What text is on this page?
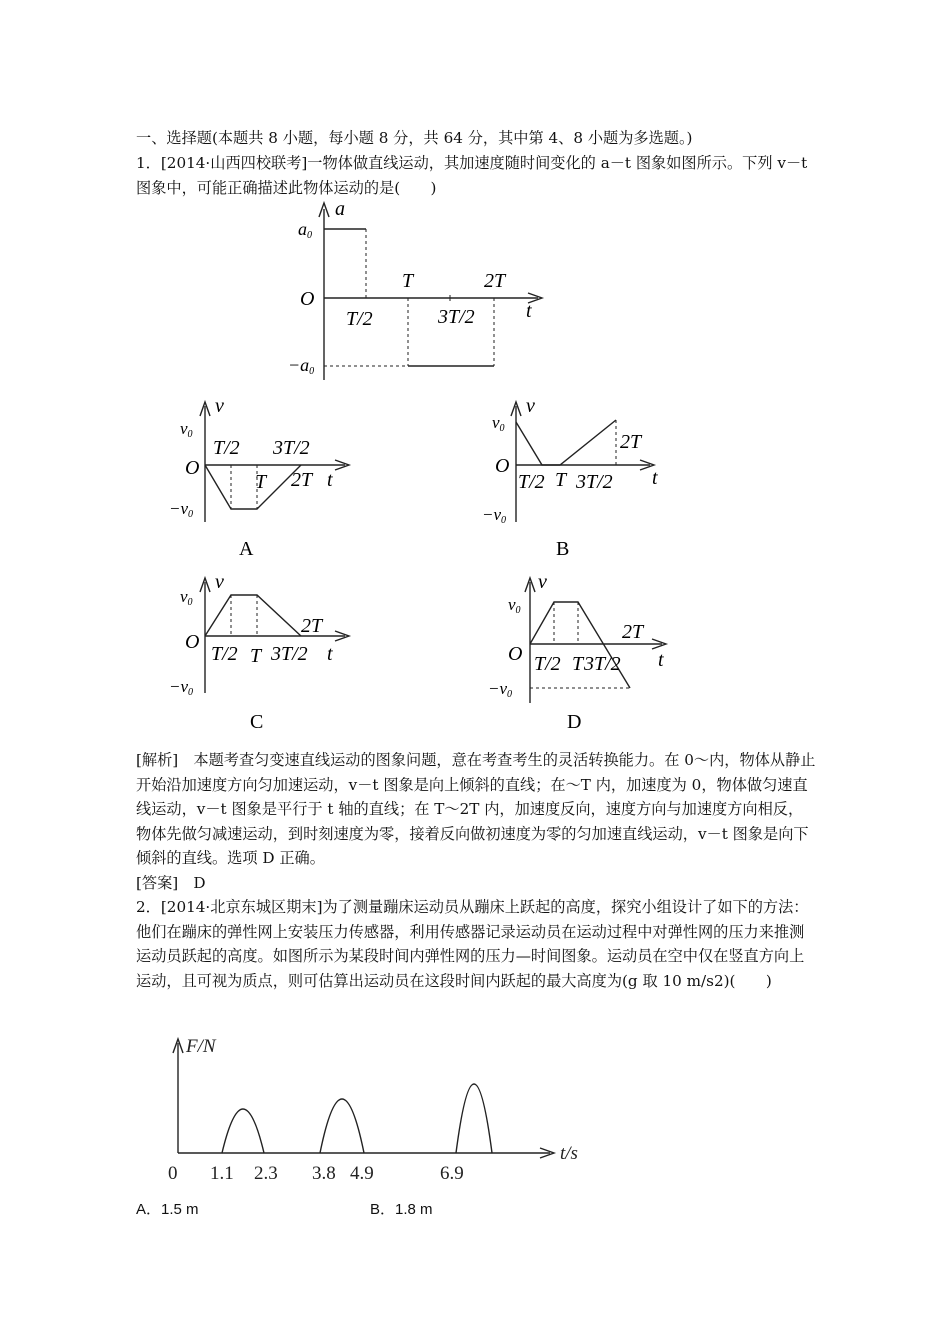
一、选择题(本题共 8 小题，每小题 8 分，共 64 分，其中第 4、8 小题为多选题。)
1．[2014·山西四校联考]一物体做直线运动，其加速度随时间变化的 a－t 图象如图所示。下列 v－t 图象中，可能正确描述此物体运动的是(　　)
a
a0
O
−a0
T/2
T
3T/2
2T
t
v
v0
O
−v0
T/2 3T/2
T 2T t
A
v
v0
O
−v0
T/2 T 3T/2
2T
t
B
v
v0
O
−v0
T/2 T 3T/2
2T
t
C
v
v0
O
−v0
T/2 T 3T/2
2T
t
D
[解析]　本题考查匀变速直线运动的图象问题，意在考查考生的灵活转换能力。在 0～内，物体从静止开始沿加速度方向匀加速运动，v－t 图象是向上倾斜的直线；在～T 内，加速度为 0，物体做匀速直线运动，v－t 图象是平行于 t 轴的直线；在 T～2T 内，加速度反向，速度方向与加速度方向相反，物体先做匀减速运动，到时刻速度为零，接着反向做初速度为零的匀加速直线运动，v－t 图象是向下倾斜的直线。选项 D 正确。
[答案]　D
2．[2014·北京东城区期末]为了测量蹦床运动员从蹦床上跃起的高度，探究小组设计了如下的方法：他们在蹦床的弹性网上安装压力传感器，利用传感器记录运动员在运动过程中对弹性网的压力来推测运动员跃起的高度。如图所示为某段时间内弹性网的压力—时间图象。运动员在空中仅在竖直方向上运动，且可视为质点，则可估算出运动员在这段时间内跃起的最大高度为(g 取 10 m/s2)(　　)
F/N
t/s
0 1.1 2.3 3.8 4.9	6.9
A．1.5 m	B．1.8 m
